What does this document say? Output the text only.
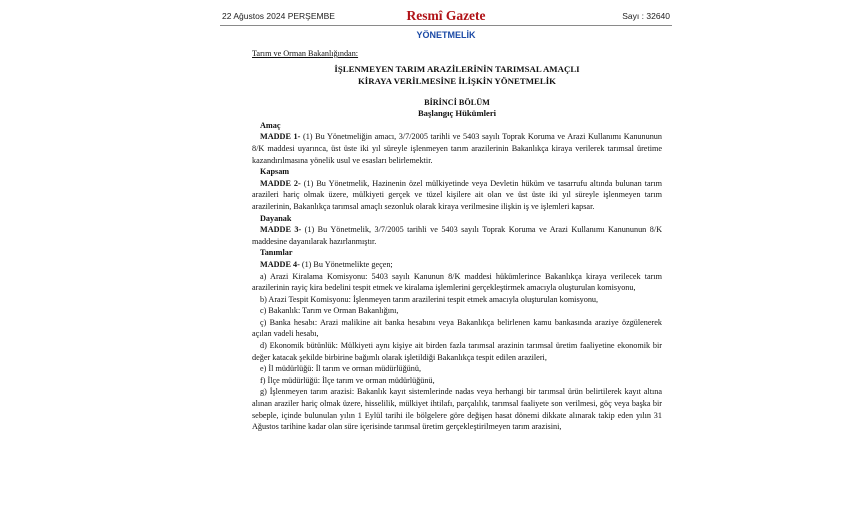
22 Ağustos 2024 PERŞEMBE	Resmî Gazete	Sayı : 32640
YÖNETMELİK

Tarım ve Orman Bakanlığından:

İŞLENMEYEN TARIM ARAZİLERİNİN TARIMSAL AMAÇLI
KİRAYA VERİLMESİNE İLİŞKİN YÖNETMELİK

BİRİNCİ BÖLÜM
Başlangıç Hükümleri

Amaç

MADDE 1- (1) Bu Yönetmeliğin amacı, 3/7/2005 tarihli ve 5403 sayılı Toprak Koruma ve Arazi Kullanımı Kanununun 8/K maddesi uyarınca, üst üste iki yıl süreyle işlenmeyen tarım arazilerinin Bakanlıkça kiraya verilerek tarımsal üretime kazandırılmasına yönelik usul ve esasları belirlemektir.

Kapsam

MADDE 2- (1) Bu Yönetmelik, Hazinenin özel mülkiyetinde veya Devletin hüküm ve tasarrufu altında bulunan tarım arazileri hariç olmak üzere, mülkiyeti gerçek ve tüzel kişilere ait olan ve üst üste iki yıl süreyle işlenmeyen tarım arazilerinin, Bakanlıkça tarımsal amaçlı sezonluk olarak kiraya verilmesine ilişkin iş ve işlemleri kapsar.

Dayanak

MADDE 3- (1) Bu Yönetmelik, 3/7/2005 tarihli ve 5403 sayılı Toprak Koruma ve Arazi Kullanımı Kanununun 8/K maddesine dayanılarak hazırlanmıştır.

Tanımlar

MADDE 4- (1) Bu Yönetmelikte geçen;

a) Arazi Kiralama Komisyonu: 5403 sayılı Kanunun 8/K maddesi hükümlerince Bakanlıkça kiraya verilecek tarım arazilerinin rayiç kira bedelini tespit etmek ve kiralama işlemlerini gerçekleştirmek amacıyla oluşturulan komisyonu,

b) Arazi Tespit Komisyonu: İşlenmeyen tarım arazilerini tespit etmek amacıyla oluşturulan komisyonu,

c) Bakanlık: Tarım ve Orman Bakanlığını,

ç) Banka hesabı: Arazi malikine ait banka hesabını veya Bakanlıkça belirlenen kamu bankasında araziye özgülenerek açılan vadeli hesabı,

d) Ekonomik bütünlük: Mülkiyeti aynı kişiye ait birden fazla tarımsal arazinin tarımsal üretim faaliyetine ekonomik bir değer katacak şekilde birbirine bağımlı olarak işletildiği Bakanlıkça tespit edilen arazileri,

e) İl müdürlüğü: İl tarım ve orman müdürlüğünü,

f) İlçe müdürlüğü: İlçe tarım ve orman müdürlüğünü,

g) İşlenmeyen tarım arazisi: Bakanlık kayıt sistemlerinde nadas veya herhangi bir tarımsal ürün belirtilerek kayıt altına alınan araziler hariç olmak üzere, hisselilik, mülkiyet ihtilafı, parçalılık, tarımsal faaliyete son verilmesi, göç veya başka bir sebeple, içinde bulunulan yılın 1 Eylül tarihi ile bölgelere göre değişen hasat dönemi dikkate alınarak takip eden yılın 31 Ağustos tarihine kadar olan süre içerisinde tarımsal üretim gerçekleştirilmeyen tarım arazisini,
